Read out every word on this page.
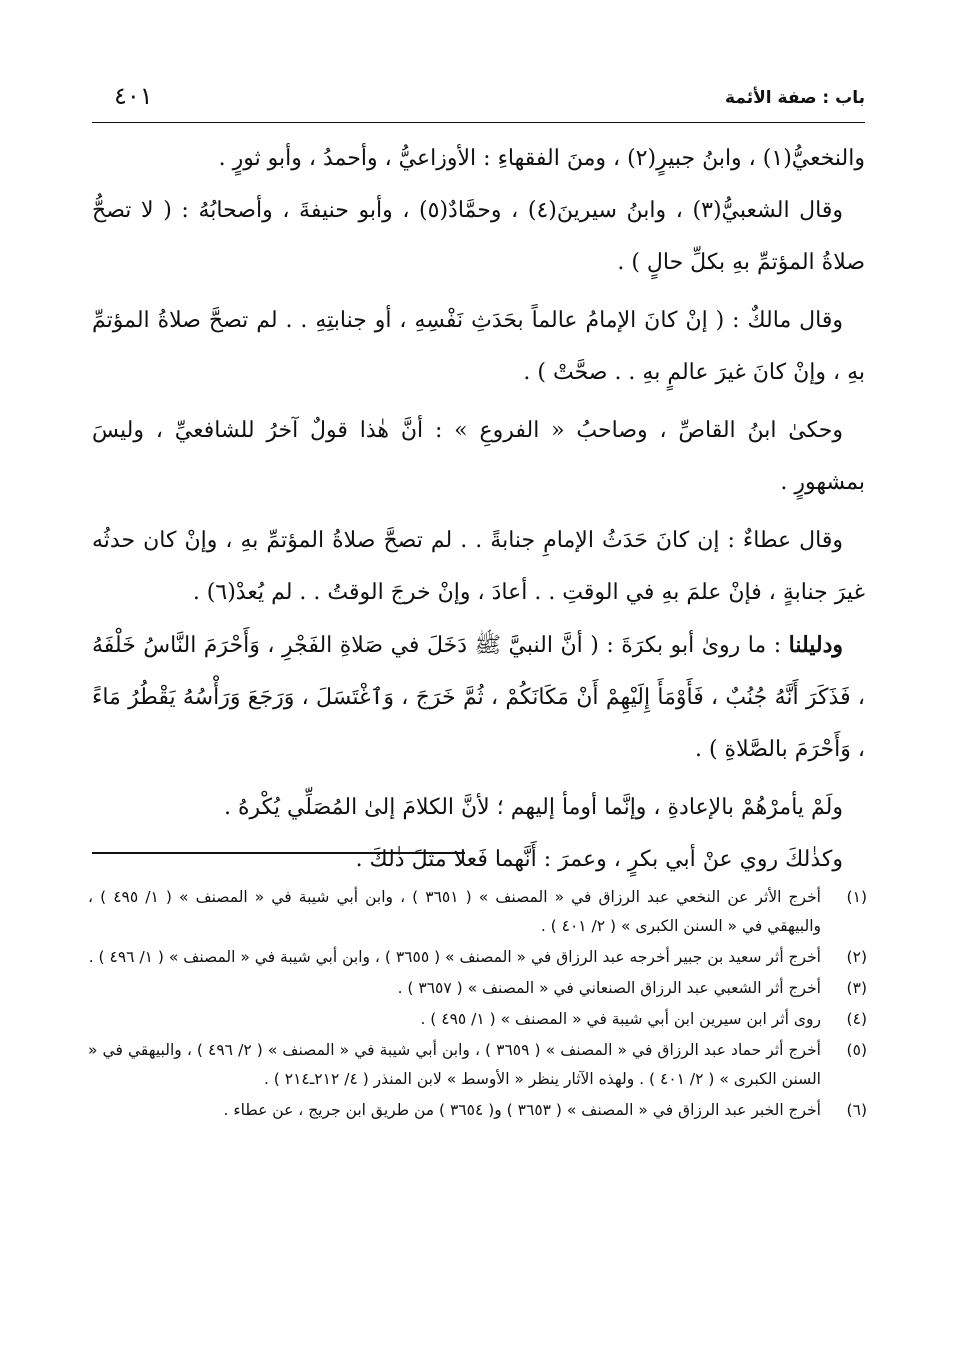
باب : صفة الأئمة
٤٠١

والنخعيُّ(١) ، وابنُ جبيرٍ(٢) ، ومنَ الفقهاءِ : الأوزاعيُّ ، وأحمدُ ، وأبو ثورٍ .

وقال الشعبيُّ(٣) ، وابنُ سيرينَ(٤) ، وحمَّادٌ(٥) ، وأبو حنيفةَ ، وأصحابُهُ : ( لا تصحُّ صلاةُ المؤتمِّ بهِ بكلِّ حالٍ ) .

وقال مالكٌ : ( إنْ كانَ الإمامُ عالماً بحَدَثِ نَفْسِهِ ، أو جنابتِهِ . . لم تصحَّ صلاةُ المؤتمِّ بهِ ، وإنْ كانَ غيرَ عالمٍ بهِ . . صحَّتْ ) .

وحكىٰ ابنُ القاصِّ ، وصاحبُ « الفروعِ » : أنَّ هٰذا قولٌ آخرُ للشافعيِّ ، وليسَ بمشهورٍ .

وقال عطاءٌ : إن كانَ حَدَثُ الإمامِ جنابةً . . لم تصحَّ صلاةُ المؤتمِّ بهِ ، وإنْ كان حدثُه غيرَ جنابةٍ ، فإنْ علمَ بهِ في الوقتِ . . أعادَ ، وإنْ خرجَ الوقتُ . . لم يُعدْ(٦) .

ودليلنا : ما روىٰ أبو بكرَةَ : ( أنَّ النبيَّ ﷺ دَخَلَ في صَلاةِ الفَجْرِ ، وَأَحْرَمَ النَّاسُ خَلْفَهُ ، فَذَكَرَ أَنَّهُ جُنُبٌ ، فَأَوْمَأَ إِلَيْهِمْ أَنْ مَكَانَكُمْ ، ثُمَّ خَرَجَ ، وَٱغْتَسَلَ ، وَرَجَعَ وَرَأْسُهُ يَقْطُرُ مَاءً ، وَأَحْرَمَ بالصَّلاةِ ) .

ولَمْ يأمرْهُمْ بالإعادةِ ، وإنَّما أومأ إليهم ؛ لأنَّ الكلامَ إلىٰ المُصَلِّي يُكْرهُ .

وكذٰلكَ روي عنْ أبي بكرٍ ، وعمرَ : أَنَّهما فَعلا مثلَ ذٰلكَ .

(١)
أخرج الأثر عن النخعي عبد الرزاق في « المصنف » ( ٣٦٥١ ) ، وابن أبي شيبة في « المصنف » ( ١/ ٤٩٥ ) ، والبيهقي في « السنن الكبرى » ( ٢/ ٤٠١ ) .
(٢)
أخرج أثر سعيد بن جبير أخرجه عبد الرزاق في « المصنف » ( ٣٦٥٥ ) ، وابن أبي شيبة في « المصنف » ( ١/ ٤٩٦ ) .
(٣)
أخرج أثر الشعبي عبد الرزاق الصنعاني في « المصنف » ( ٣٦٥٧ ) .
(٤)
روى أثر ابن سيرين ابن أبي شيبة في « المصنف » ( ١/ ٤٩٥ ) .
(٥)
أخرج أثر حماد عبد الرزاق في « المصنف » ( ٣٦٥٩ ) ، وابن أبي شيبة في « المصنف » ( ٢/ ٤٩٦ ) ، والبيهقي في « السنن الكبرى » ( ٢/ ٤٠١ ) . ولهذه الآثار ينظر « الأوسط » لابن المنذر ( ٤/ ٢١٢ـ٢١٤ ) .
(٦)
أخرج الخبر عبد الرزاق في « المصنف » ( ٣٦٥٣ ) و( ٣٦٥٤ ) من طريق ابن جريج ، عن عطاء .
